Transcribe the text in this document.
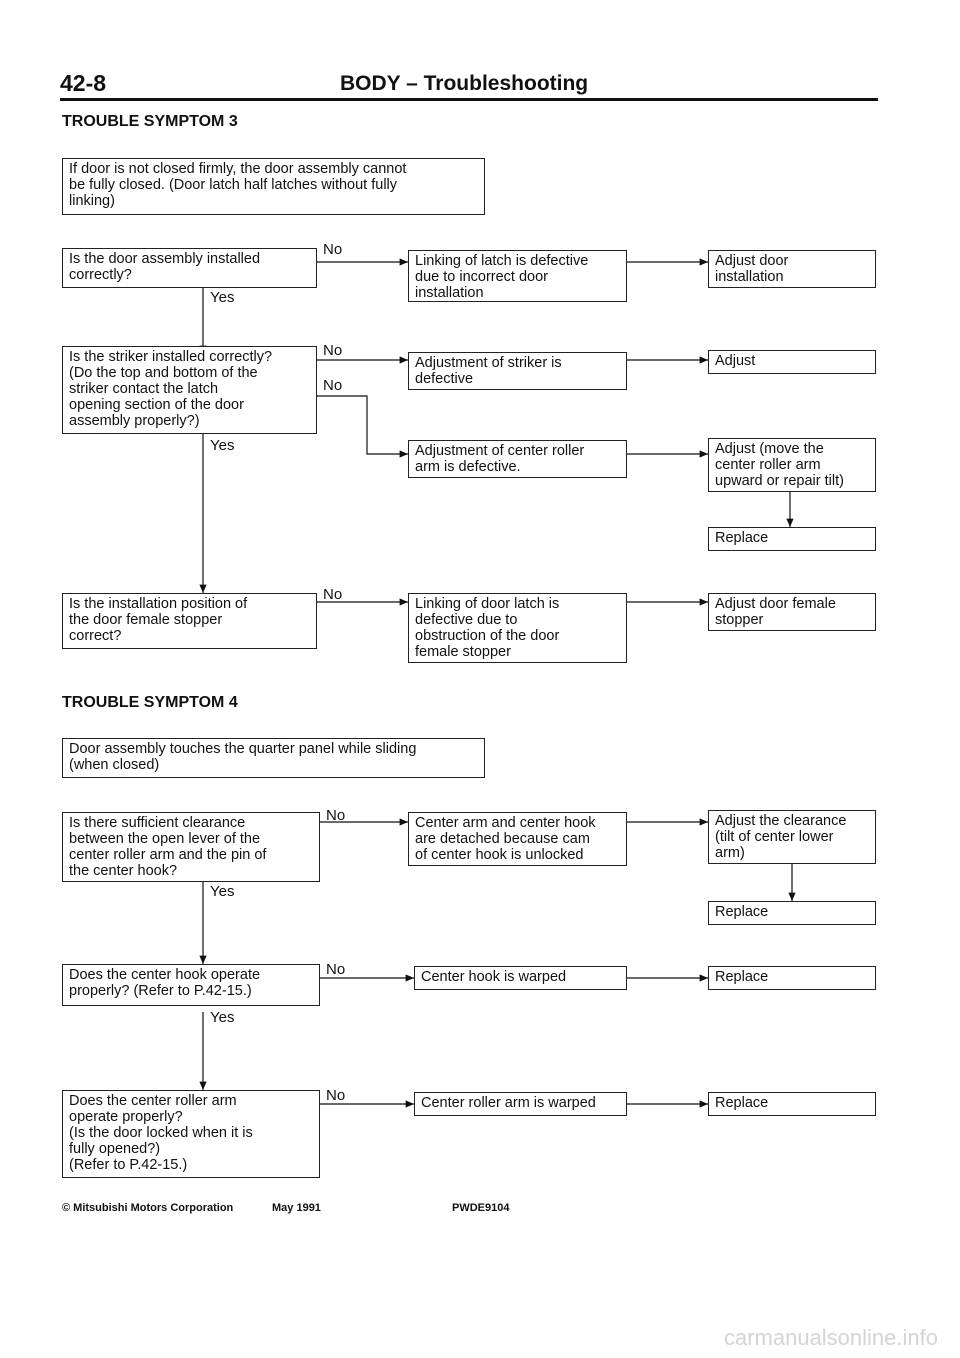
42-8	BODY – Troubleshooting
TROUBLE SYMPTOM 3
If door is not closed firmly, the door assembly cannot
be fully closed. (Door latch half latches without fully
linking)
Is the door assembly installed
correctly?
Linking of latch is defective
due to incorrect door
installation
Adjust door
installation
Is the striker installed correctly?
(Do the top and bottom of the
striker contact the latch
opening section of the door
assembly properly?)
Adjustment of striker is
defective
Adjust
Adjustment of center roller
arm is defective.
Adjust (move the
center roller arm
upward or repair tilt)
Replace
Is the installation position of
the door female stopper
correct?
Linking of door latch is
defective due to
obstruction of the door
female stopper
Adjust door female
stopper
No
Yes
No
No
Yes
No
TROUBLE SYMPTOM 4
Door assembly touches the quarter panel while sliding
(when closed)
Is there sufficient clearance
between the open lever of the
center roller arm and the pin of
the center hook?
Center arm and center hook
are detached because cam
of center hook is unlocked
Adjust the clearance
(tilt of center lower
arm)
Replace
Does the center hook operate
properly? (Refer to P.42-15.)
Center hook is warped	Replace
Does the center roller arm
operate properly?
(Is the door locked when it is
fully opened?)
(Refer to P.42-15.)
Center roller arm is warped	Replace
No
Yes
No
Yes
No
© Mitsubishi Motors Corporation	May 1991	PWDE9104
carmanualsonline.info
